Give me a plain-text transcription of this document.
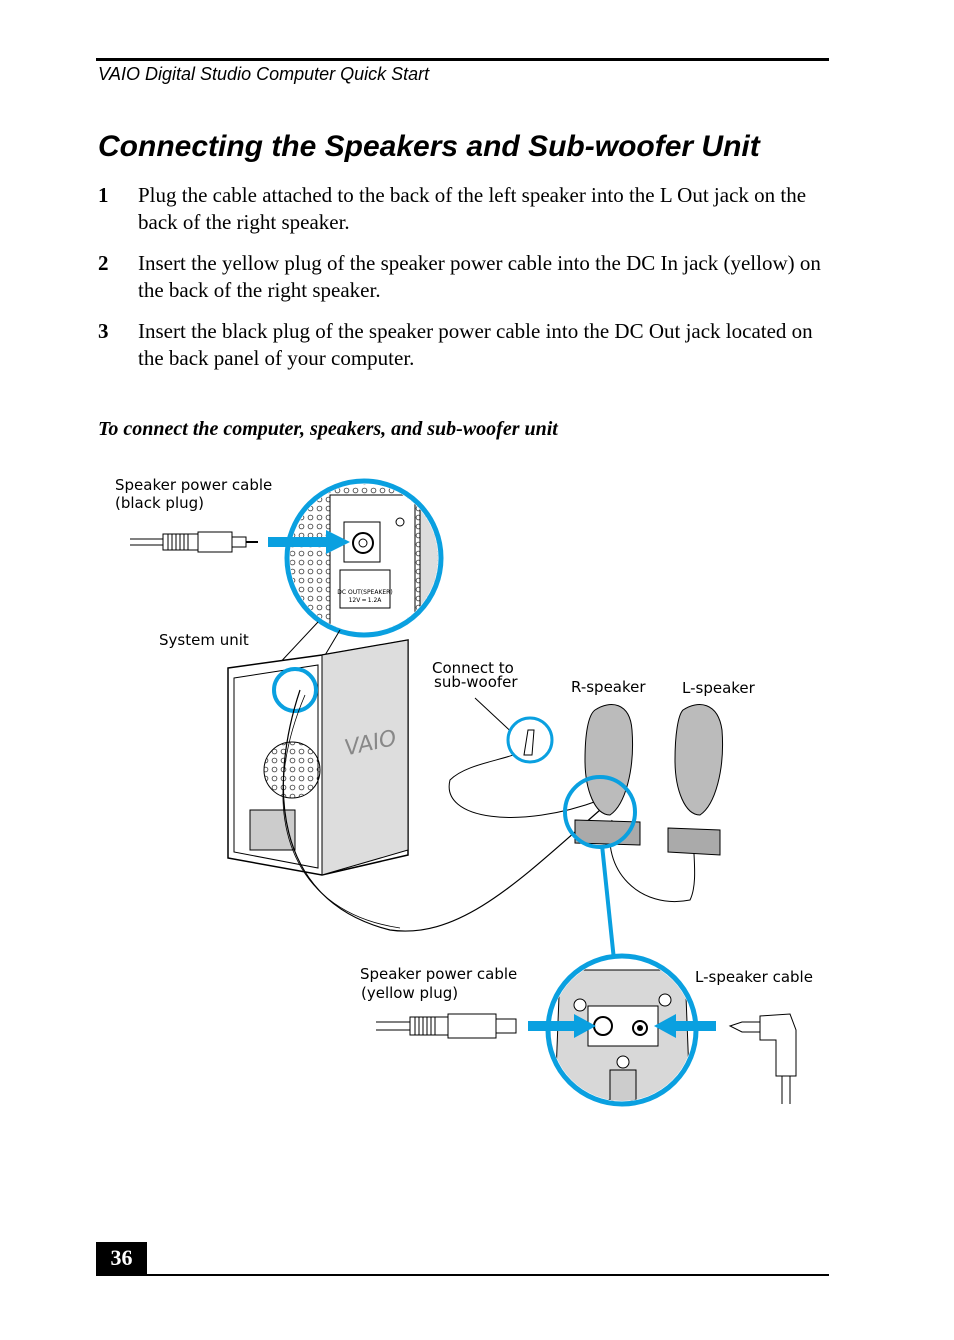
VAIO Digital Studio Computer Quick Start
Connecting the Speakers and Sub-woofer Unit
1 Plug the cable attached to the back of the left speaker into the L Out jack on the back of the right speaker.
2 Insert the yellow plug of the speaker power cable into the DC In jack (yellow) on the back of the right speaker.
3 Insert the black plug of the speaker power cable into the DC Out jack located on the back panel of your computer.
To connect the computer, speakers, and sub-woofer unit
DC OUT(SPEAKER)
12V ━ 1.2A
VAIO
Speaker power cable
(black plug)
System unit
Connect to
sub-woofer	R-speaker L-speaker
Speaker power cable
(yellow plug)
L-speaker cable
36
